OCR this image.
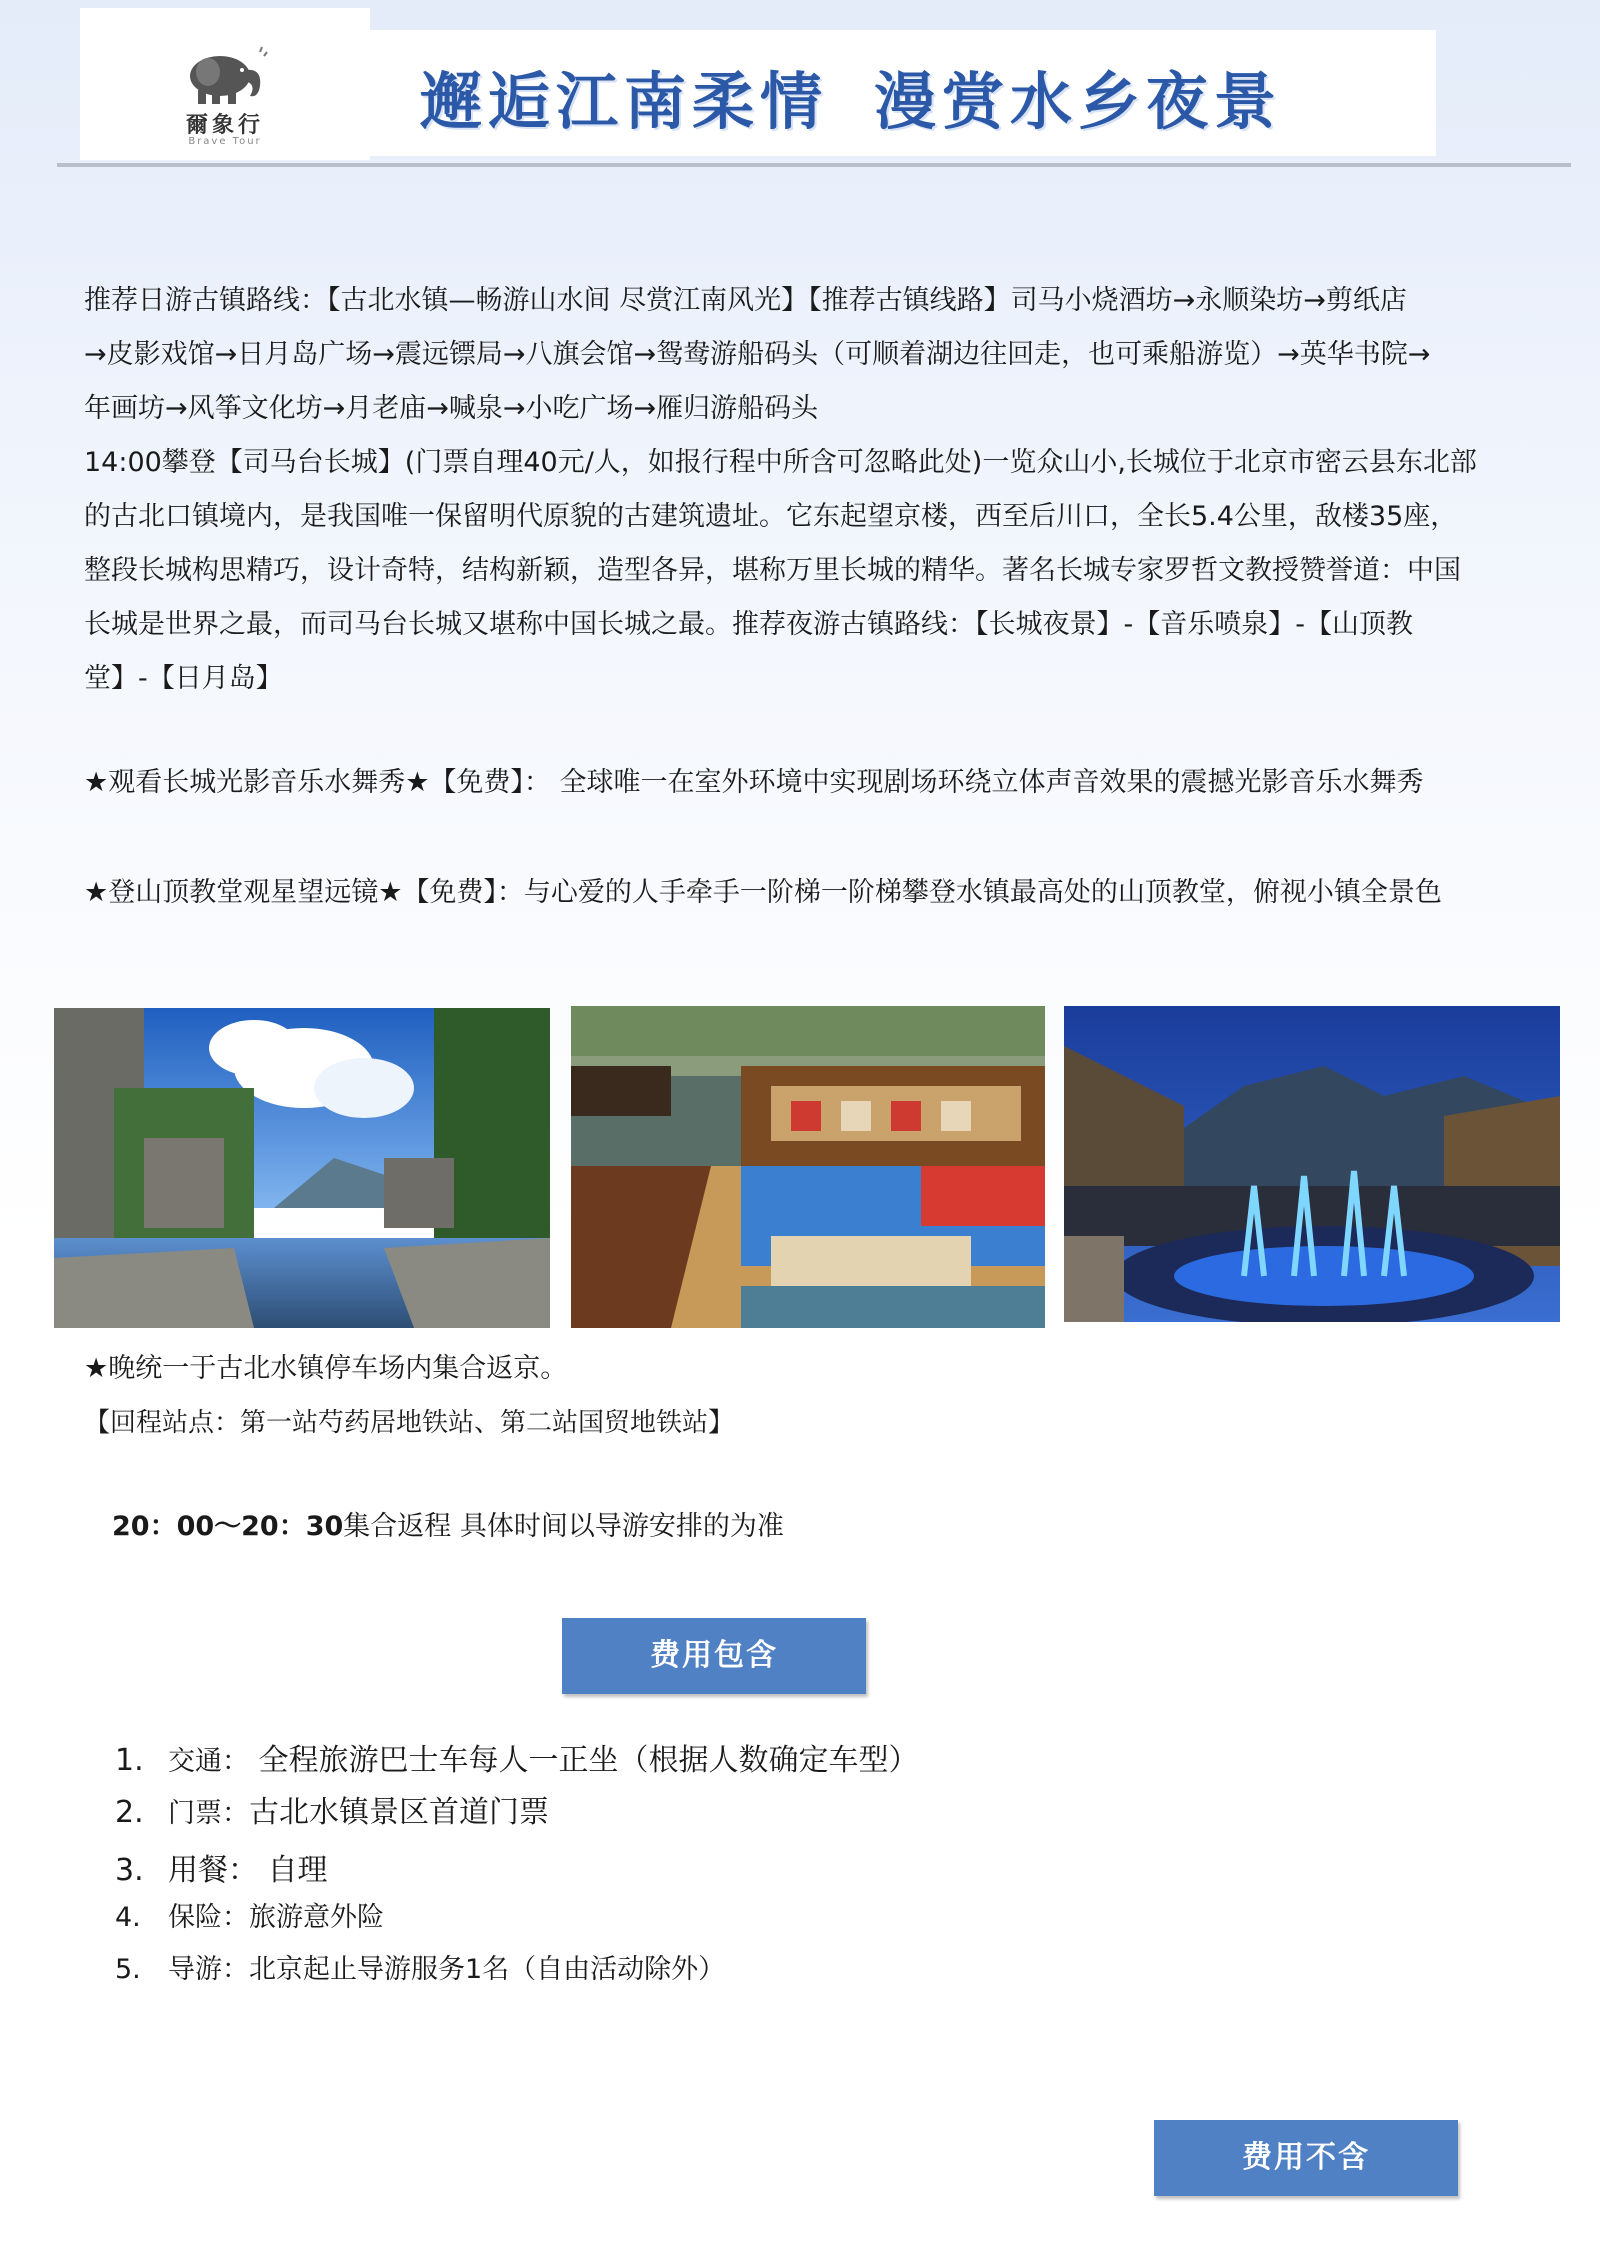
爾象行
Brave Tour
邂逅江南柔情 漫赏水乡夜景
推荐日游古镇路线：【古北水镇—畅游山水间 尽赏江南风光】【推荐古镇线路】司马小烧酒坊→永顺染坊→剪纸店
→皮影戏馆→日月岛广场→震远镖局→八旗会馆→鸳鸯游船码头（可顺着湖边往回走，也可乘船游览）→英华书院→
年画坊→风筝文化坊→月老庙→喊泉→小吃广场→雁归游船码头
14:00攀登【司马台长城】(门票自理40元/人，如报行程中所含可忽略此处)一览众山小,长城位于北京市密云县东北部
的古北口镇境内，是我国唯一保留明代原貌的古建筑遗址。它东起望京楼，西至后川口，全长5.4公里，敌楼35座，
整段长城构思精巧，设计奇特，结构新颖，造型各异，堪称万里长城的精华。著名长城专家罗哲文教授赞誉道：中国
长城是世界之最，而司马台长城又堪称中国长城之最。推荐夜游古镇路线：【长城夜景】-【音乐喷泉】-【山顶教
堂】-【日月岛】
★观看长城光影音乐水舞秀★【免费】： 全球唯一在室外环境中实现剧场环绕立体声音效果的震撼光影音乐水舞秀
★登山顶教堂观星望远镜★【免费】：与心爱的人手牵手一阶梯一阶梯攀登水镇最高处的山顶教堂，俯视小镇全景色
★晚统一于古北水镇停车场内集合返京。
【回程站点：第一站芍药居地铁站、第二站国贸地铁站】
20：00～20：30集合返程 具体时间以导游安排的为准
费用包含
1. 交通： 全程旅游巴士车每人一正坐（根据人数确定车型）
2. 门票：古北水镇景区首道门票
3. 用餐： 自理
4. 保险：旅游意外险
5. 导游：北京起止导游服务1名（自由活动除外）
费用不含
